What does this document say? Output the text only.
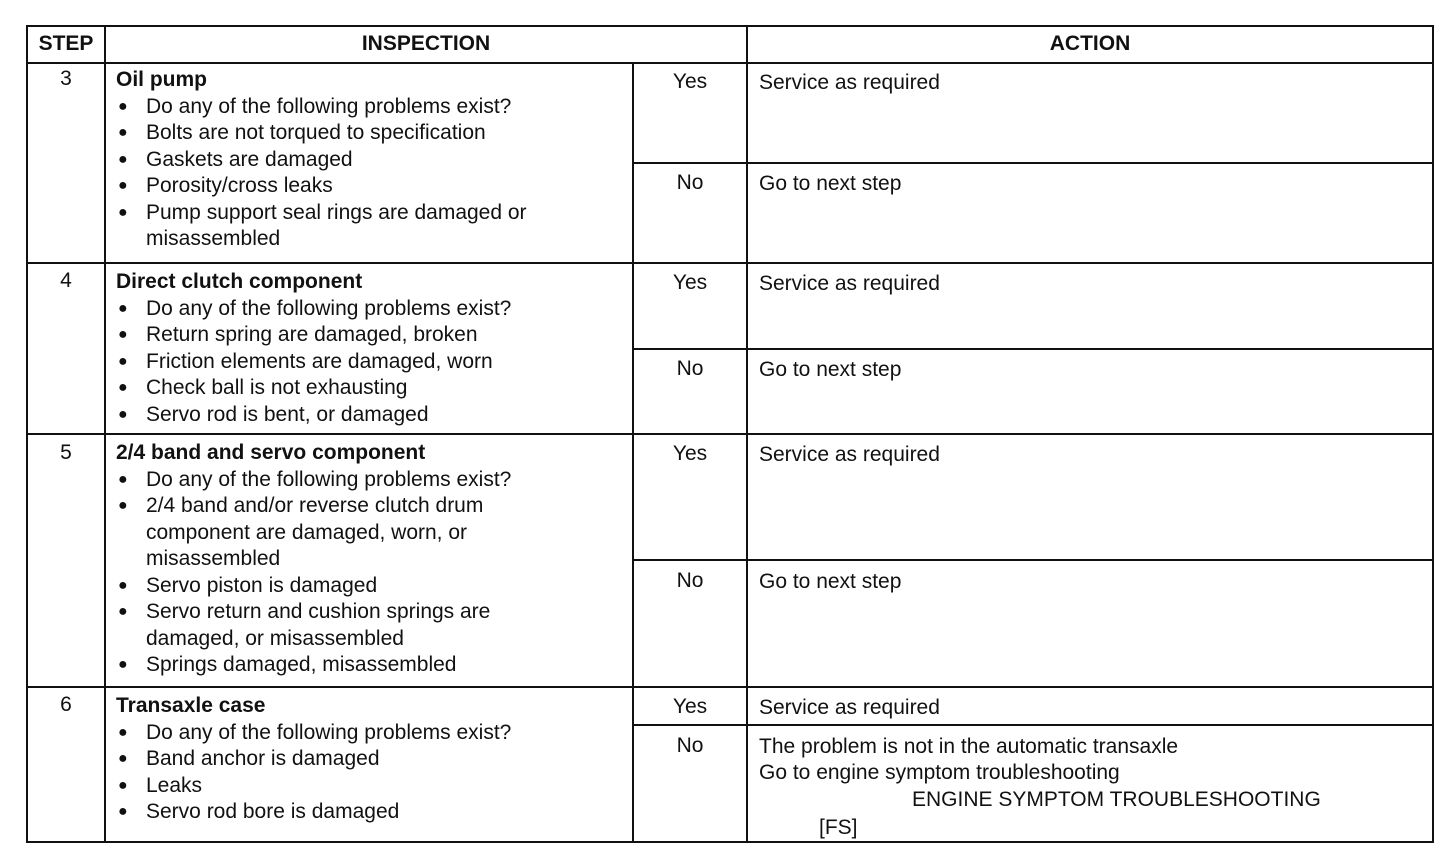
STEP	INSPECTION	ACTION
3	Oil pump
● Do any of the following problems exist?
● Bolts are not torqued to specification
● Gaskets are damaged
● Porosity/cross leaks
● Pump support seal rings are damaged or misassembled
Yes	Service as required
No	Go to next step
4	Direct clutch component
● Do any of the following problems exist?
● Return spring are damaged, broken
● Friction elements are damaged, worn
● Check ball is not exhausting
● Servo rod is bent, or damaged
Yes	Service as required
No	Go to next step
5	2/4 band and servo component
● Do any of the following problems exist?
● 2/4 band and/or reverse clutch drum component are damaged, worn, or misassembled
● Servo piston is damaged
● Servo return and cushion springs are damaged, or misassembled
● Springs damaged, misassembled
Yes	Service as required
No	Go to next step
6	Transaxle case
● Do any of the following problems exist?
● Band anchor is damaged
● Leaks
● Servo rod bore is damaged
Yes	Service as required
No	The problem is not in the automatic transaxle
Go to engine symptom troubleshooting
ENGINE SYMPTOM TROUBLESHOOTING
[FS]
